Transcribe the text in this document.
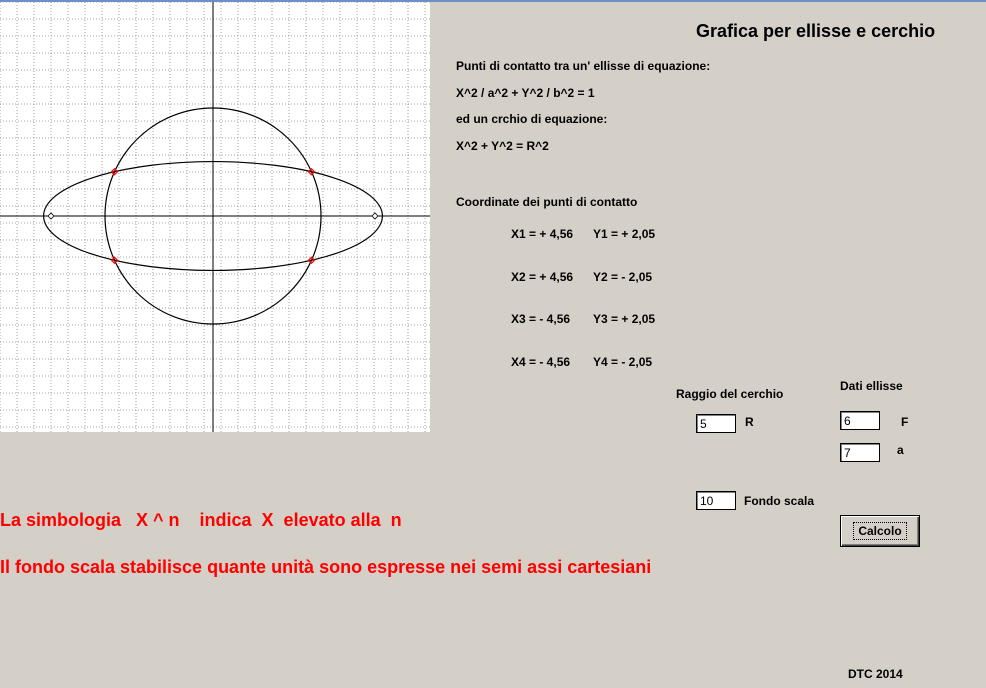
Grafica per ellisse e cerchio
Punti di contatto tra un' ellisse di equazione:
X^2 / a^2 + Y^2 / b^2 = 1
ed un crchio di equazione:
X^2 + Y^2 = R^2
Coordinate dei punti di contatto
X1 = + 4,56 Y1 = + 2,05
X2 = + 4,56 Y2 = - 2,05
X3 = - 4,56 Y3 = + 2,05
X4 = - 4,56 Y4 = - 2,05
Raggio del cerchio
5
R
Dati ellisse
6
F
7
a
10
Fondo scala
Calcolo
La simbologia   X ^ n    indica  X  elevato alla  n
Il fondo scala stabilisce quante unità sono espresse nei semi assi cartesiani
DTC 2014
